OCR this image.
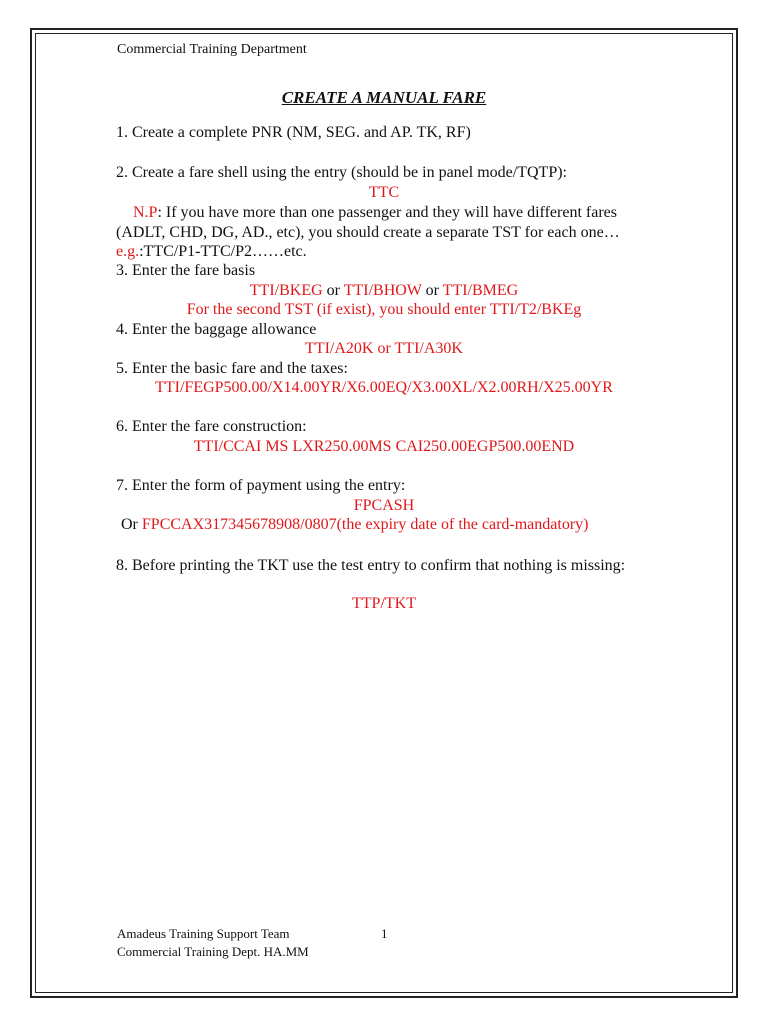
Commercial Training Department
CREATE A MANUAL FARE
1. Create a complete PNR (NM, SEG. and AP. TK, RF)
2. Create a fare shell using the entry (should be in panel mode/TQTP):
TTC
N.P: If you have more than one passenger and they will have different fares (ADLT, CHD, DG, AD., etc), you should create a separate TST for each one…e.g.:TTC/P1-TTC/P2……etc.
3. Enter the fare basis
TTI/BKEG or TTI/BHOW or TTI/BMEG
For the second TST (if exist), you should enter TTI/T2/BKEg
4. Enter the baggage allowance
TTI/A20K or TTI/A30K
5. Enter the basic fare and the taxes:
TTI/FEGP500.00/X14.00YR/X6.00EQ/X3.00XL/X2.00RH/X25.00YR
6. Enter the fare construction:
TTI/CCAI MS LXR250.00MS CAI250.00EGP500.00END
7. Enter the form of payment using the entry:
FPCASH
Or FPCCAX317345678908/0807(the expiry date of the card-mandatory)
8. Before printing the TKT use the test entry to confirm that nothing is missing:
TTP/TKT
Amadeus Training Support Team	1
Commercial Training Dept. HA.MM
